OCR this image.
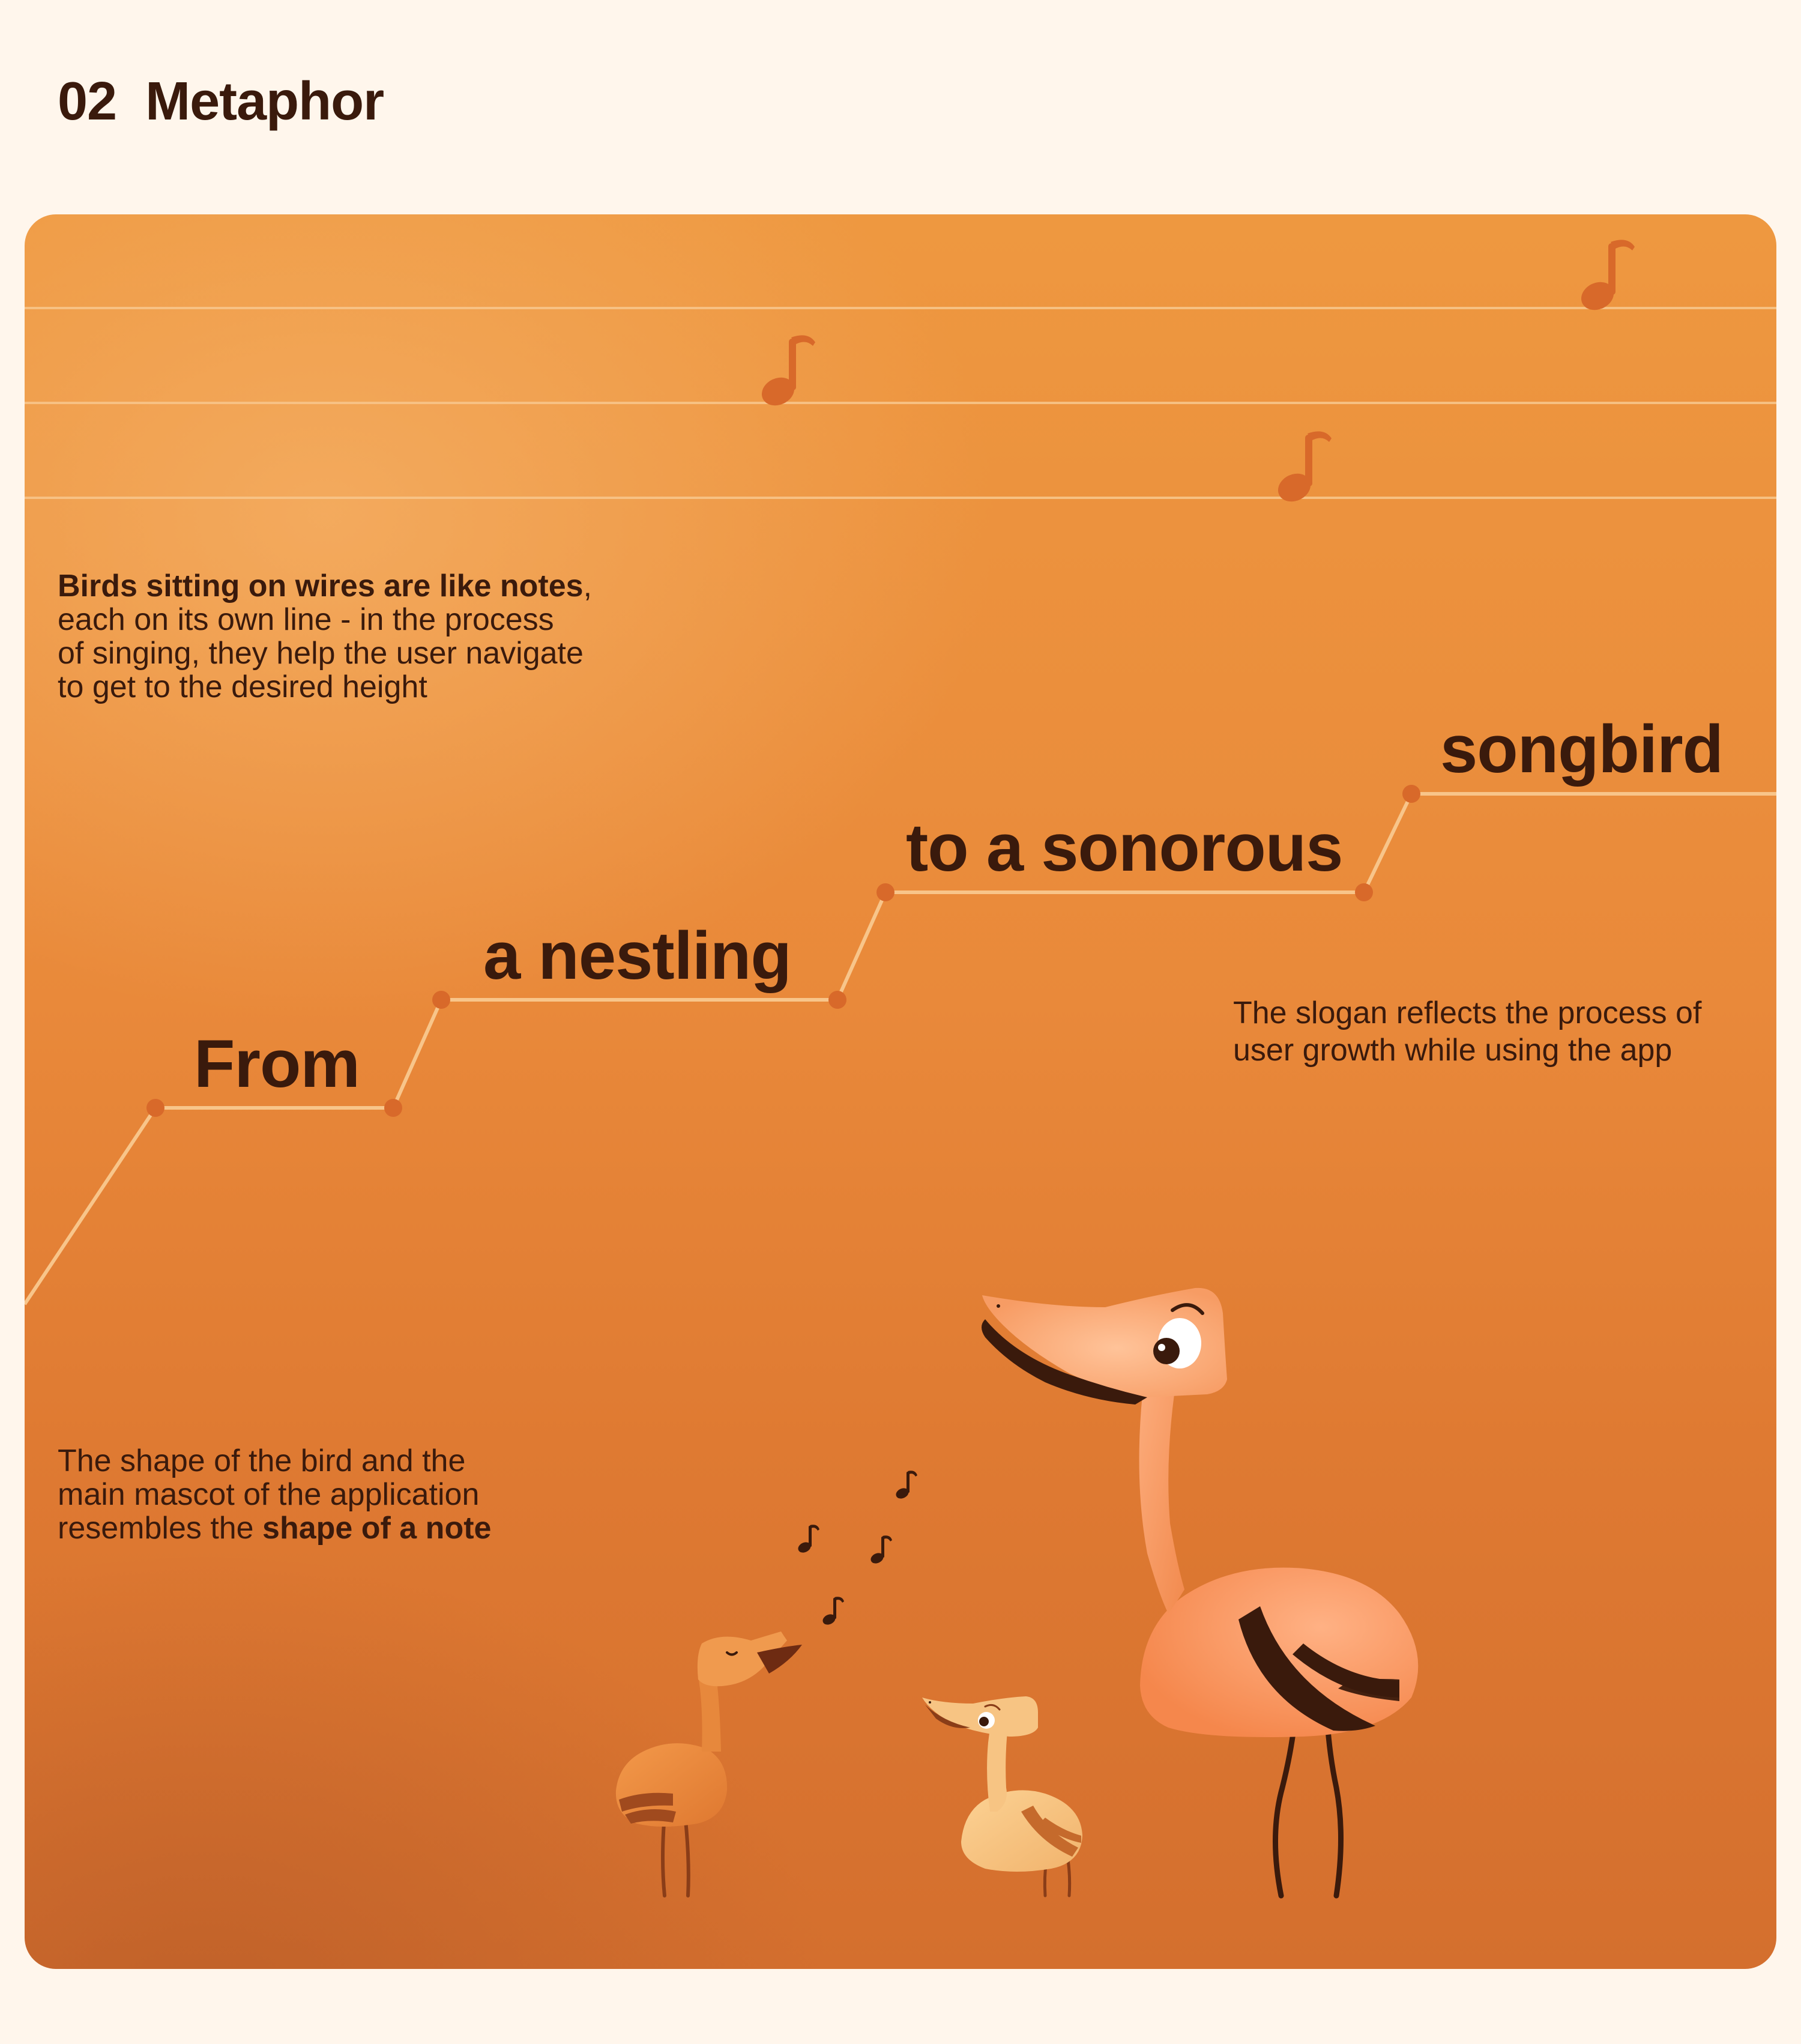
02 Metaphor
Birds sitting on wires are like notes,
each on its own line - in the process
of singing, they help the user navigate
to get to the desired height
From
a nestling
to a sonorous
songbird
The slogan reflects the process of
user growth while using the app
The shape of the bird and the
main mascot of the application
resembles the shape of a note
